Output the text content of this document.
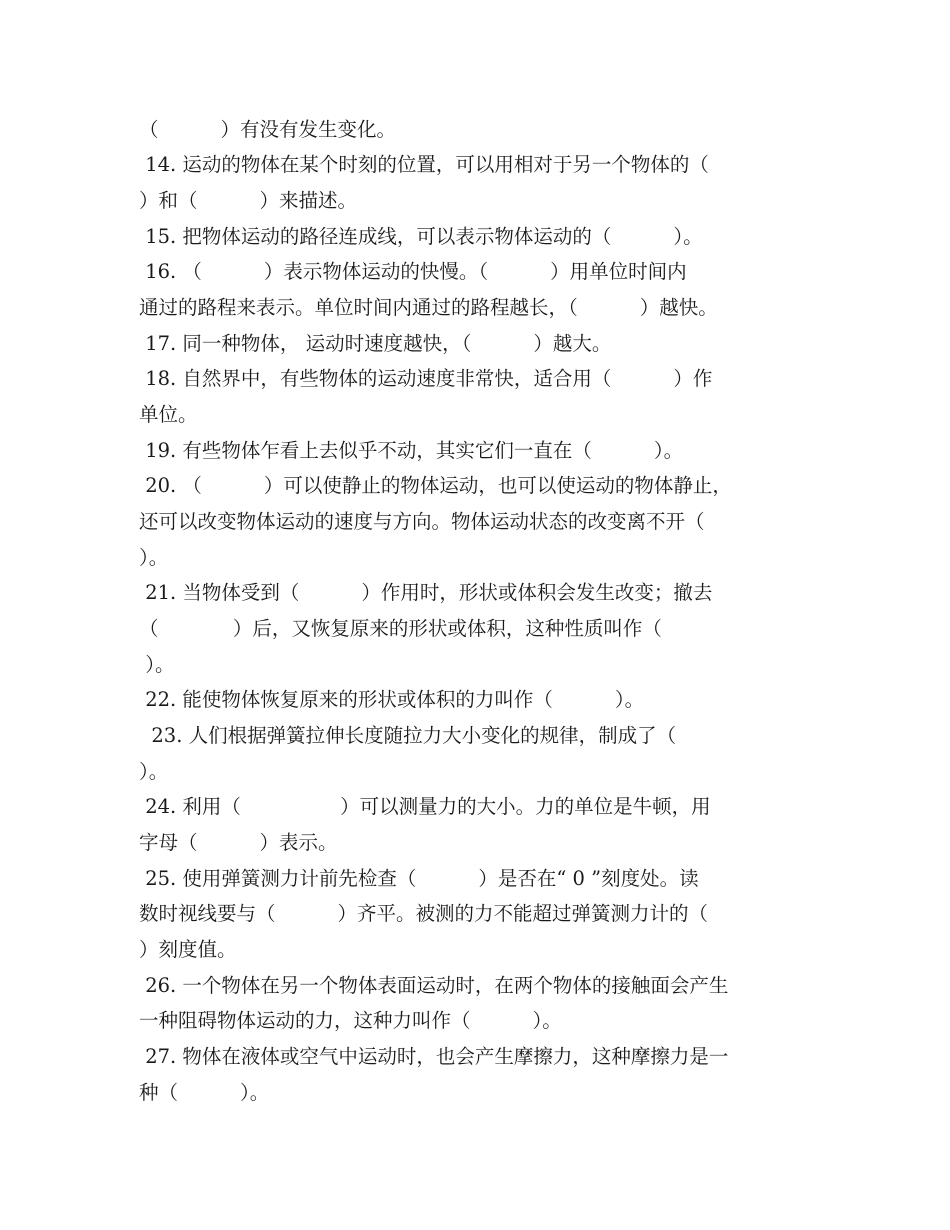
（          ）有没有发生变化。
14. 运动的物体在某个时刻的位置，可以用相对于另一个物体的（
）和（          ）来描述。
15. 把物体运动的路径连成线，可以表示物体运动的（          ）。
16. （          ）表示物体运动的快慢。（          ）用单位时间内
通过的路程来表示。单位时间内通过的路程越长，（          ）越快。
17. 同一种物体， 运动时速度越快，（          ）越大。
18. 自然界中，有些物体的运动速度非常快，适合用（          ）作
单位。
19. 有些物体乍看上去似乎不动，其实它们一直在（          ）。
20. （          ）可以使静止的物体运动，也可以使运动的物体静止，
还可以改变物体运动的速度与方向。物体运动状态的改变离不开（
）。
21. 当物体受到（          ）作用时，形状或体积会发生改变；撤去
（            ）后，又恢复原来的形状或体积，这种性质叫作（
）。
22. 能使物体恢复原来的形状或体积的力叫作（          ）。
23. 人们根据弹簧拉伸长度随拉力大小变化的规律，制成了（
）。
24. 利用（                ）可以测量力的大小。力的单位是牛顿，用
字母（          ）表示。
25. 使用弹簧测力计前先检查（          ）是否在“ 0 ”刻度处。读
数时视线要与（          ）齐平。被测的力不能超过弹簧测力计的（
）刻度值。
26. 一个物体在另一个物体表面运动时，在两个物体的接触面会产生
一种阻碍物体运动的力，这种力叫作（          ）。
27. 物体在液体或空气中运动时，也会产生摩擦力，这种摩擦力是一
种（          ）。
